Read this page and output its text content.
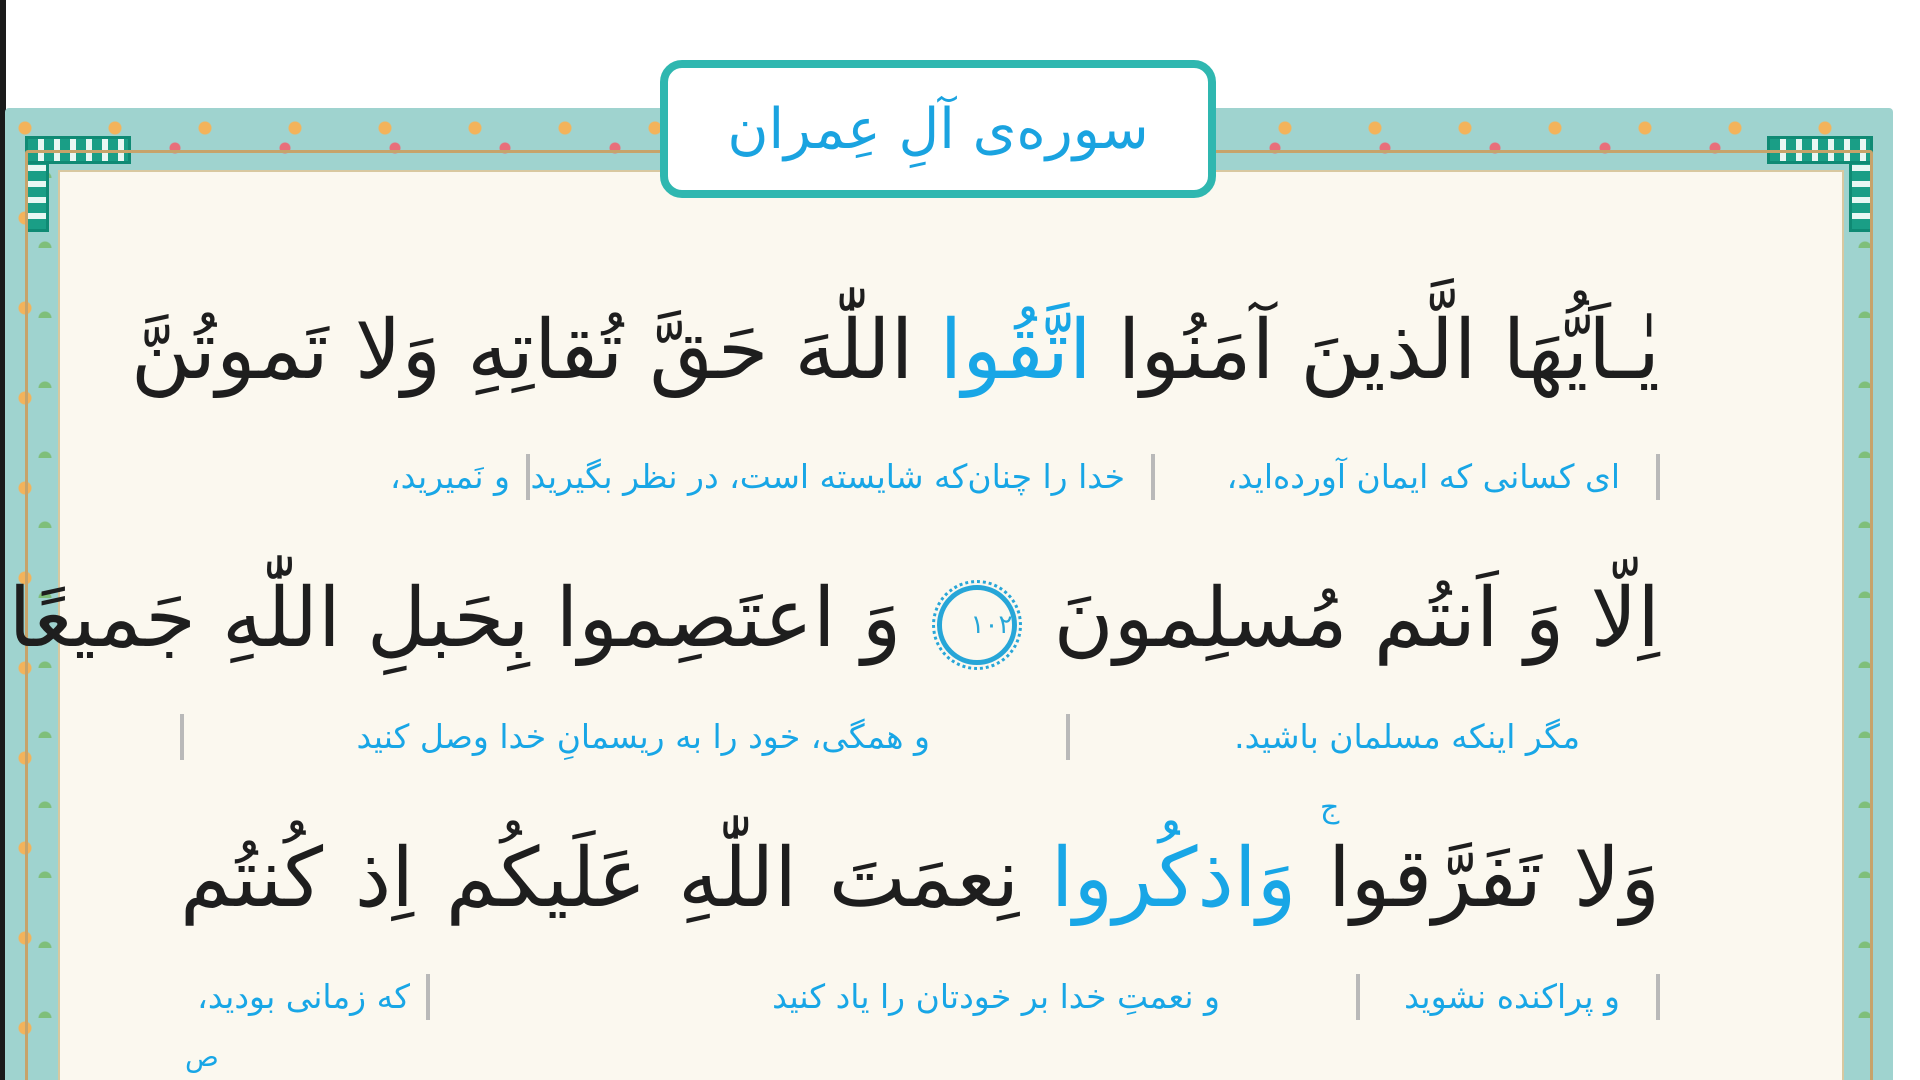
سوره‌ی آلِ عِمران
یٰـاَیُّهَا الَّذینَ آمَنُوا اتَّقُوا اللّٰهَ حَقَّ تُقاتِهِ وَلا تَموتُنَّ
ای کسانی که ایمان آورده‌اید،
خدا را چنان‌که شایسته است، در نظر بگیرید
و نَمیرید،
اِلّا وَ اَنتُم مُسلِمونَ ۱۰۲ وَ اعتَصِموا بِحَبلِ اللّٰهِ جَمیعًا
مگر اینکه مسلمان باشید.
و همگی، خود را به ریسمانِ خدا وصل کنید
وَلا تَفَرَّقوا وَاذکُروا نِعمَتَ اللّٰهِ عَلَیکُم اِذ کُنتُم
ج
و پراکنده نشوید
و نعمتِ خدا بر خودتان را یاد کنید
که زمانی بودید،
ص
